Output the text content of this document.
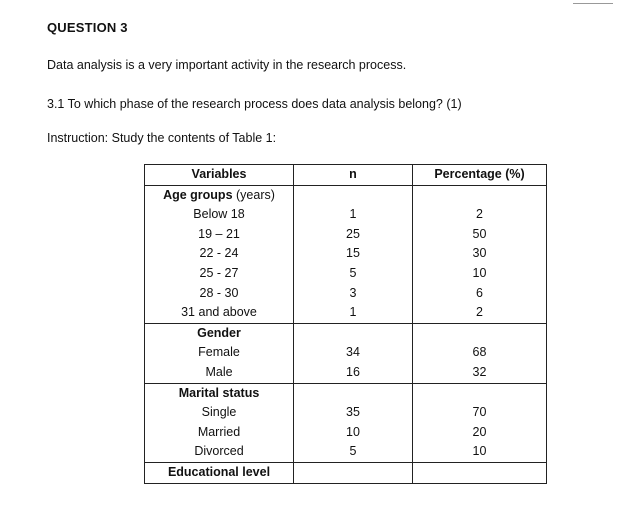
QUESTION 3
Data analysis is a very important activity in the research process.
3.1 To which phase of the research process does data analysis belong? (1)
Instruction: Study the contents of Table 1:
Variables	n	Percentage (%)
Age groups (years)		
Below 18	1	2
19 – 21	25	50
22 - 24	15	30
25 - 27	5	10
28 - 30	3	6
31 and above	1	2
Gender		
Female	34	68
Male	16	32
Marital status		
Single	35	70
Married	10	20
Divorced	5	10
Educational level		
